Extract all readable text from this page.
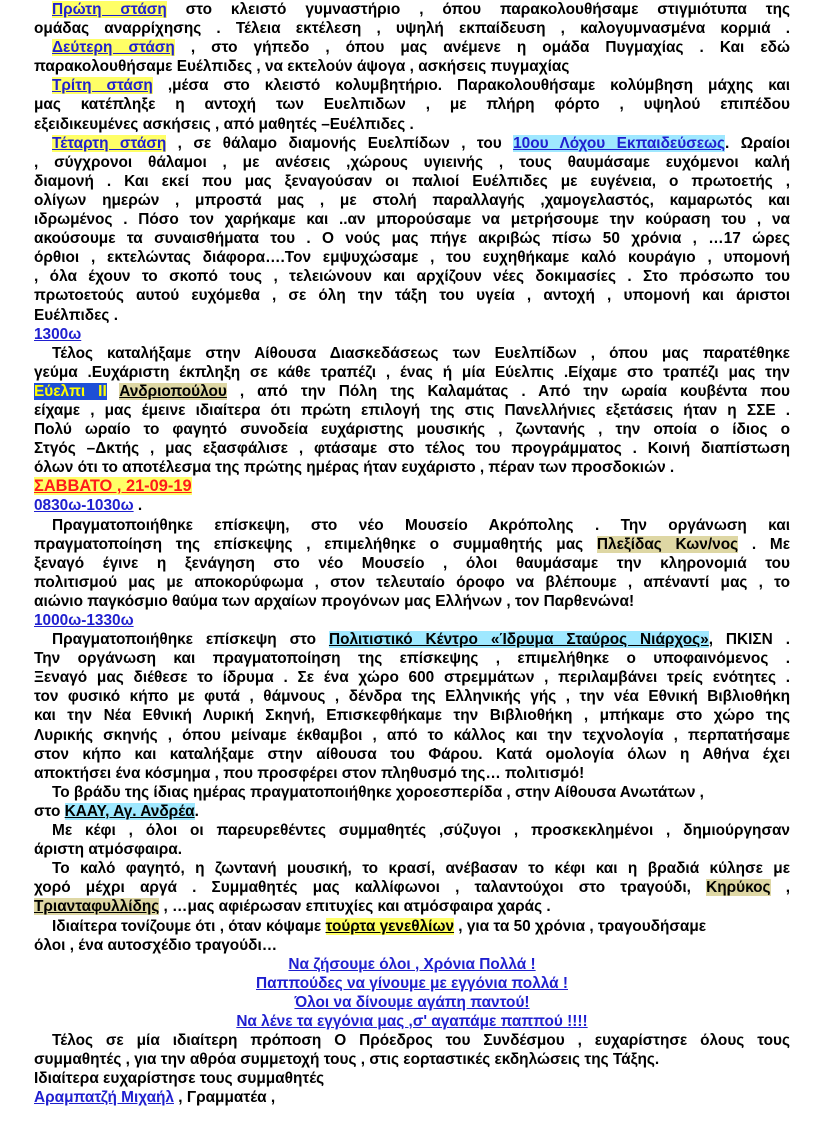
Πρώτη στάση στο κλειστό γυμναστήριο , όπου παρακολουθήσαμε στιγμιότυπα της
ομάδας αναρρίχησης . Τέλεια εκτέλεση , υψηλή εκπαίδευση , καλογυμνασμένα κορμιά .
Δεύτερη στάση , στο γήπεδο , όπου μας ανέμενε η ομάδα Πυγμαχίας . Και εδώ
παρακολουθήσαμε Ευέλπιδες , να εκτελούν άψογα , ασκήσεις πυγμαχίας
Τρίτη στάση ,μέσα στο κλειστό κολυμβητήριο. Παρακολουθήσαμε κολύμβηση μάχης και
μας κατέπληξε η αντοχή των Ευελπιδων , με πλήρη φόρτο , υψηλού επιπέδου
εξειδικευμένες ασκήσεις , από μαθητές –Ευέλπιδες .
Τέταρτη στάση , σε θάλαμο διαμονής Ευελπίδων , του 10ου Λόχου Εκπαιδεύσεως. Ωραίοι
, σύγχρονοι θάλαμοι , με ανέσεις ,χώρους υγιεινής , τους θαυμάσαμε ευχόμενοι καλή
διαμονή . Και εκεί που μας ξεναγούσαν οι παλιοί Ευέλπιδες με ευγένεια, ο πρωτοετής ,
ολίγων ημερών , μπροστά μας , με στολή παραλλαγής ,χαμογελαστός, καμαρωτός και
ιδρωμένος . Πόσο τον χαρήκαμε και ..αν μπορούσαμε να μετρήσουμε την κούραση του , να
ακούσουμε τα συναισθήματα του . Ο νούς μας πήγε ακριβώς πίσω 50 χρόνια , …17 ώρες
όρθιοι , εκτελώντας διάφορα….Τον εμψυχώσαμε , του ευχηθήκαμε καλό κουράγιο , υπομονή
, όλα έχουν το σκοπό τους , τελειώνουν και αρχίζουν νέες δοκιμασίες . Στο πρόσωπο του
πρωτοετούς αυτού ευχόμεθα , σε όλη την τάξη του υγεία , αντοχή , υπομονή και άριστοι
Ευέλπιδες .
1300ω
Τέλος καταλήξαμε στην Αίθουσα Διασκεδάσεως των Ευελπίδων , όπου μας παρατέθηκε
γεύμα .Ευχάριστη έκπληξη σε κάθε τραπέζι , ένας ή μία Εύελπις .Είχαμε στο τραπέζι μας την
Εύελπι ΙΙ Ανδριοπούλου , από την Πόλη της Καλαμάτας . Από την ωραία κουβέντα που
είχαμε , μας έμεινε ιδιαίτερα ότι πρώτη επιλογή της στις Πανελλήνιες εξετάσεις ήταν η ΣΣΕ .
Πολύ ωραίο το φαγητό συνοδεία ευχάριστης μουσικής , ζωντανής , την οποία ο ίδιος ο
Στγός –Δκτής , μας εξασφάλισε , φτάσαμε στο τέλος του προγράμματος . Κοινή διαπίστωση
όλων ότι το αποτέλεσμα της πρώτης ημέρας ήταν ευχάριστο , πέραν των προσδοκιών .
ΣΑΒΒΑΤΟ , 21-09-19
0830ω-1030ω .
Πραγματοποιήθηκε επίσκεψη, στο νέο Μουσείο Ακρόπολης . Την οργάνωση και
πραγματοποίηση της επίσκεψης , επιμελήθηκε ο συμμαθητής μας Πλεξίδας Κων/νος . Με
ξεναγό έγινε η ξενάγηση στο νέο Μουσείο , όλοι θαυμάσαμε την κληρονομιά του
πολιτισμού μας με αποκορύφωμα , στον τελευταίο όροφο να βλέπουμε , απέναντί μας , το
αιώνιο παγκόσμιο θαύμα των αρχαίων προγόνων μας Ελλήνων , τον Παρθενώνα!
1000ω-1330ω
Πραγματοποιήθηκε επίσκεψη στο Πολιτιστικό Κέντρο «Ίδρυμα Σταύρος Νιάρχος», ΠΚΙΣΝ .
Την οργάνωση και πραγματοποίηση της επίσκεψης , επιμελήθηκε ο υποφαινόμενος .
Ξεναγό μας διέθεσε το ίδρυμα . Σε ένα χώρο 600 στρεμμάτων , περιλαμβάνει τρείς ενότητες .
τον φυσικό κήπο με φυτά , θάμνους , δένδρα της Ελληνικής γής , την νέα Εθνική Βιβλιοθήκη
και την Νέα Εθνική Λυρική Σκηνή, Επισκεφθήκαμε την Βιβλιοθήκη , μπήκαμε στο χώρο της
Λυρικής σκηνής , όπου μείναμε έκθαμβοι , από το κάλλος και την τεχνολογία , περπατήσαμε
στον κήπο και καταλήξαμε στην αίθουσα του Φάρου. Κατά ομολογία όλων η Αθήνα έχει
αποκτήσει ένα κόσμημα , που προσφέρει στον πληθυσμό της… πολιτισμό!
Το βράδυ της ίδιας ημέρας πραγματοποιήθηκε χοροεσπερίδα , στην Αίθουσα Ανωτάτων ,
στο ΚΑΑΥ, Αγ. Ανδρέα.
Με κέφι , όλοι οι παρευρεθέντες συμμαθητές ,σύζυγοι , προσκεκλημένοι , δημιούργησαν
άριστη ατμόσφαιρα.
Το καλό φαγητό, η ζωντανή μουσική, το κρασί, ανέβασαν το κέφι και η βραδιά κύλησε με
χορό μέχρι αργά . Συμμαθητές μας καλλίφωνοι , ταλαντούχοι στο τραγούδι, Κηρύκος ,
Τριανταφυλλίδης , …μας αφιέρωσαν επιτυχίες και ατμόσφαιρα χαράς .
Ιδιαίτερα τονίζουμε ότι , όταν κόψαμε τούρτα γενεθλίων , για τα 50 χρόνια , τραγουδήσαμε
όλοι , ένα αυτοσχέδιο τραγούδι…
Να ζήσουμε όλοι , Χρόνια Πολλά !
Παππούδες να γίνουμε με εγγόνια πολλά !
Όλοι να δίνουμε αγάπη παντού!
Να λένε τα εγγόνια μας ,σ' αγαπάμε παππού !!!!
Τέλος σε μία ιδιαίτερη πρόποση Ο Πρόεδρος του Συνδέσμου , ευχαρίστησε όλους τους
συμμαθητές , για την αθρόα συμμετοχή τους , στις εορταστικές εκδηλώσεις της Τάξης.
Ιδιαίτερα ευχαρίστησε τους συμμαθητές
Αραμπατζή Μιχαήλ , Γραμματέα ,
